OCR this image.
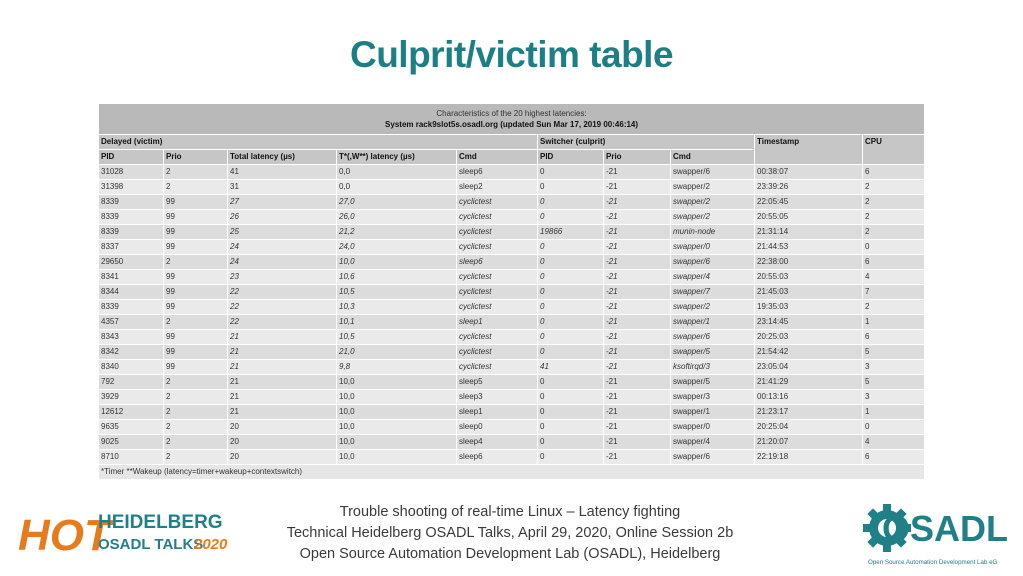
Culprit/victim table
Characteristics of the 20 highest latencies:
System rack9slot5s.osadl.org (updated Sun Mar 17, 2019 00:46:14)									

Delayed (victim)					Switcher (culprit)			Timestamp	CPU
PID	Prio	Total latency (µs)	T*(,W**) latency (µs)	Cmd	PID	Prio	Cmd		
31028	2	41	0,0	sleep6	0	-21	swapper/6	00:38:07	6
31398	2	31	0,0	sleep2	0	-21	swapper/2	23:39:26	2
8339	99	27	27,0	cyclictest	0	-21	swapper/2	22:05:45	2
8339	99	26	26,0	cyclictest	0	-21	swapper/2	20:55:05	2
8339	99	25	21,2	cyclictest	19866	-21	munin-node	21:31:14	2
8337	99	24	24,0	cyclictest	0	-21	swapper/0	21:44:53	0
29650	2	24	10,0	sleep6	0	-21	swapper/6	22:38:00	6
8341	99	23	10,6	cyclictest	0	-21	swapper/4	20:55:03	4
8344	99	22	10,5	cyclictest	0	-21	swapper/7	21:45:03	7
8339	99	22	10,3	cyclictest	0	-21	swapper/2	19:35:03	2
4357	2	22	10,1	sleep1	0	-21	swapper/1	23:14:45	1
8343	99	21	10,5	cyclictest	0	-21	swapper/6	20:25:03	6
8342	99	21	21,0	cyclictest	0	-21	swapper/5	21:54:42	5
8340	99	21	9,8	cyclictest	41	-21	ksoftirqd/3	23:05:04	3
792	2	21	10,0	sleep5	0	-21	swapper/5	21:41:29	5
3929	2	21	10,0	sleep3	0	-21	swapper/3	00:13:16	3
12612	2	21	10,0	sleep1	0	-21	swapper/1	21:23:17	1
9635	2	20	10,0	sleep0	0	-21	swapper/0	20:25:04	0
9025	2	20	10,0	sleep4	0	-21	swapper/4	21:20:07	4
8710	2	20	10,0	sleep6	0	-21	swapper/6	22:19:18	6
*Timer **Wakeup (latency=timer+wakeup+contextswitch)									
HOT
HEIDELBERG
OSADL TALKS
2020
Trouble shooting of real-time Linux – Latency fighting
Technical Heidelberg OSADL Talks, April 29, 2020, Online Session 2b
Open Source Automation Development Lab (OSADL), Heidelberg
OSADL
Open Source Automation Development Lab eG
